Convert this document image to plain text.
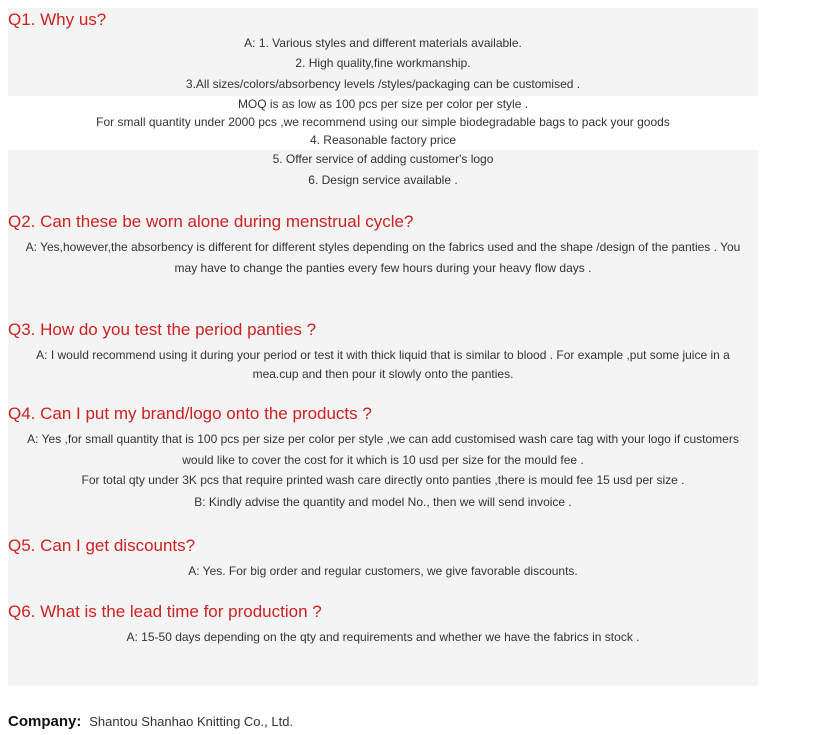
Q1. Why us?
A: 1. Various styles and different materials available.
2. High quality,fine workmanship.
3.All sizes/colors/absorbency levels /styles/packaging can be customised .
MOQ is as low as 100 pcs per size per color per style .
For small quantity under 2000 pcs ,we recommend using our simple biodegradable bags to pack your goods
4. Reasonable factory price
5. Offer service of adding customer's logo
6. Design service available .
Q2. Can these be worn alone during menstrual cycle?
A: Yes,however,the absorbency is different for different styles depending on the fabrics used and the shape /design of the panties . You
may have to change the panties every few hours during your heavy flow days .
Q3. How do you test the period panties ?
A: I would recommend using it during your period or test it with thick liquid that is similar to blood . For example ,put some juice in a
mea.cup and then pour it slowly onto the panties.
Q4. Can I put my brand/logo onto the products ?
A: Yes ,for small quantity that is 100 pcs per size per color per style ,we can add customised wash care tag with your logo if customers
would like to cover the cost for it which is 10 usd per size for the mould fee .
For total qty under 3K pcs that require printed wash care directly onto panties ,there is mould fee 15 usd per size .
B: Kindly advise the quantity and model No., then we will send invoice .
Q5. Can I get discounts?
A: Yes. For big order and regular customers, we give favorable discounts.
Q6. What is the lead time for production ?
A: 15-50 days depending on the qty and requirements and whether we have the fabrics in stock .
Company: Shantou Shanhao Knitting Co., Ltd.
